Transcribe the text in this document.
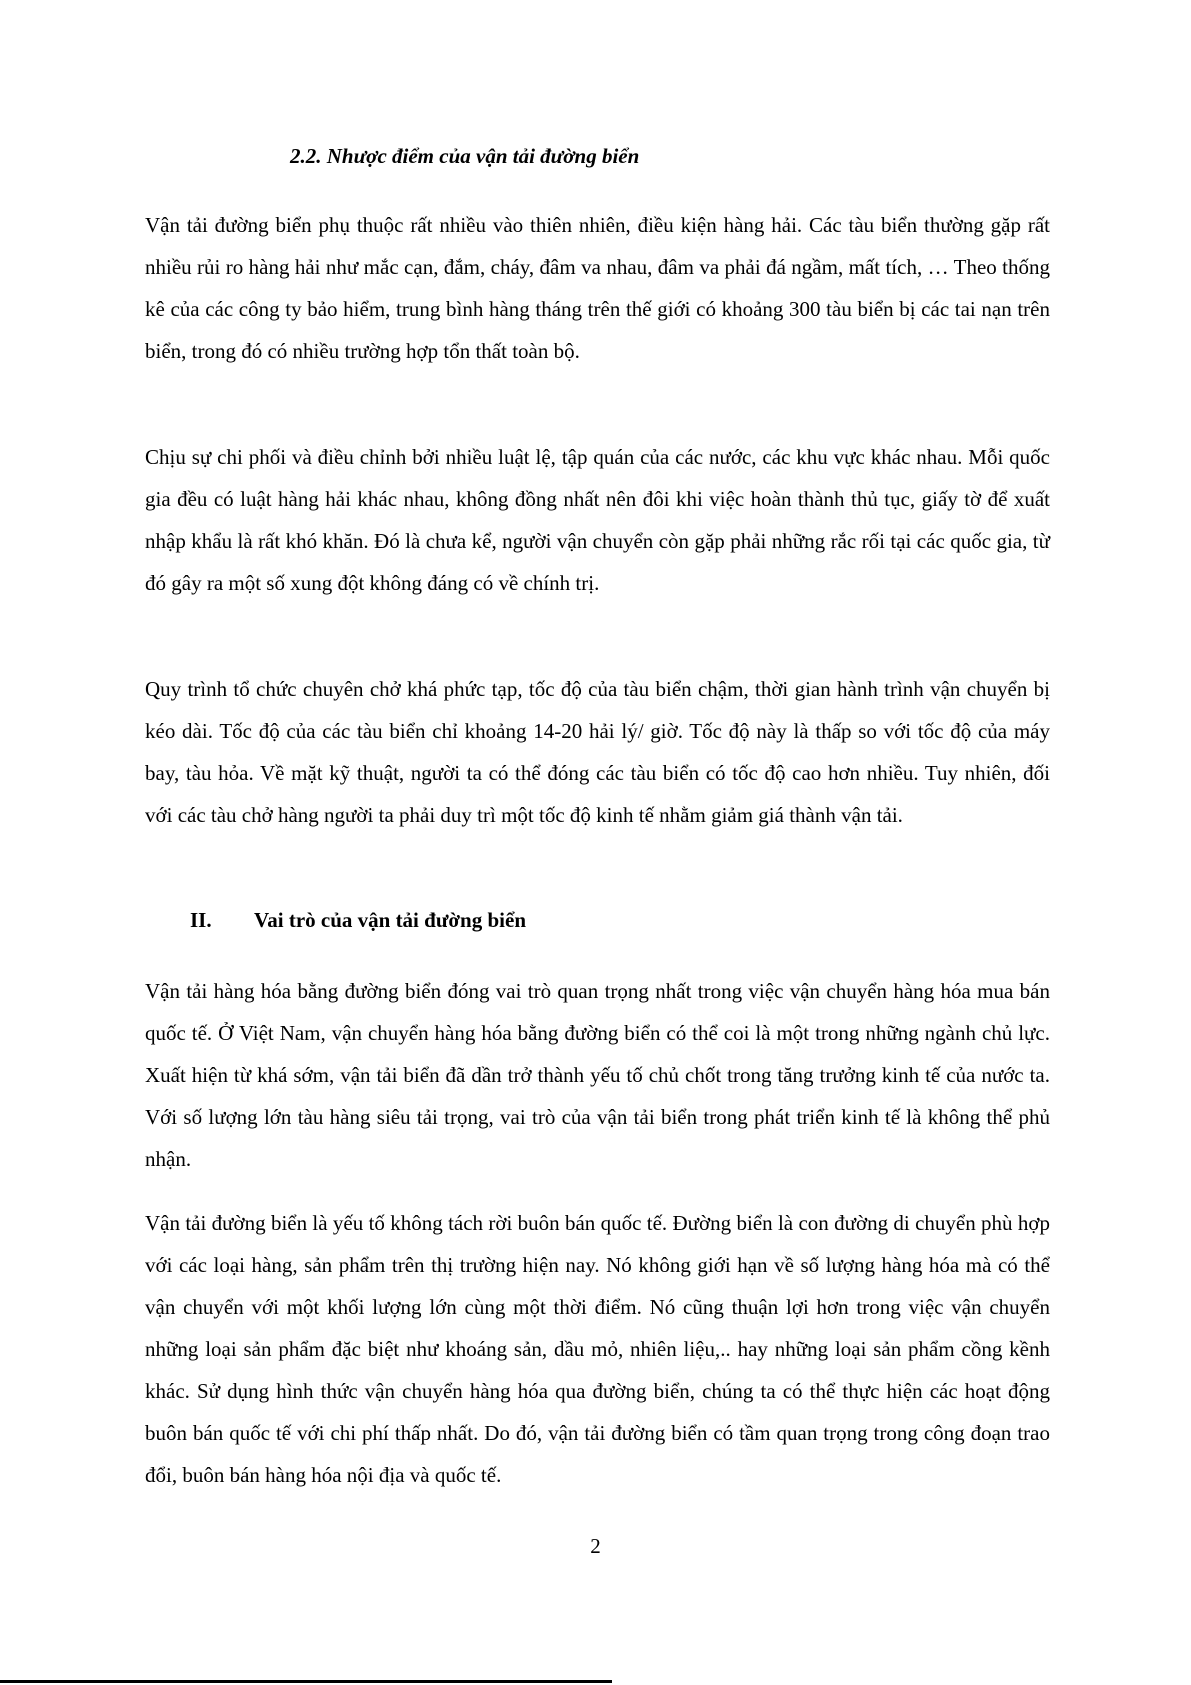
2.2. Nhược điểm của vận tải đường biển

Vận tải đường biển phụ thuộc rất nhiều vào thiên nhiên, điều kiện hàng hải. Các tàu biển thường gặp rất nhiều rủi ro hàng hải như mắc cạn, đắm, cháy, đâm va nhau, đâm va phải đá ngầm, mất tích, … Theo thống kê của các công ty bảo hiểm, trung bình hàng tháng trên thế giới có khoảng 300 tàu biển bị các tai nạn trên biển, trong đó có nhiều trường hợp tổn thất toàn bộ.

Chịu sự chi phối và điều chỉnh bởi nhiều luật lệ, tập quán của các nước, các khu vực khác nhau. Mỗi quốc gia đều có luật hàng hải khác nhau, không đồng nhất nên đôi khi việc hoàn thành thủ tục, giấy tờ để xuất nhập khẩu là rất khó khăn. Đó là chưa kể, người vận chuyển còn gặp phải những rắc rối tại các quốc gia, từ đó gây ra một số xung đột không đáng có về chính trị.

Quy trình tổ chức chuyên chở khá phức tạp, tốc độ của tàu biển chậm, thời gian hành trình vận chuyển bị kéo dài. Tốc độ của các tàu biển chỉ khoảng 14-20 hải lý/ giờ. Tốc độ này là thấp so với tốc độ của máy bay, tàu hỏa. Về mặt kỹ thuật, người ta có thể đóng các tàu biển có tốc độ cao hơn nhiều. Tuy nhiên, đối với các tàu chở hàng người ta phải duy trì một tốc độ kinh tế nhằm giảm giá thành vận tải.

II. Vai trò của vận tải đường biển

Vận tải hàng hóa bằng đường biển đóng vai trò quan trọng nhất trong việc vận chuyển hàng hóa mua bán quốc tế. Ở Việt Nam, vận chuyển hàng hóa bằng đường biển có thể coi là một trong những ngành chủ lực. Xuất hiện từ khá sớm, vận tải biển đã dần trở thành yếu tố chủ chốt trong tăng trưởng kinh tế của nước ta. Với số lượng lớn tàu hàng siêu tải trọng, vai trò của vận tải biển trong phát triển kinh tế là không thể phủ nhận.

Vận tải đường biển là yếu tố không tách rời buôn bán quốc tế. Đường biển là con đường di chuyển phù hợp với các loại hàng, sản phẩm trên thị trường hiện nay. Nó không giới hạn về số lượng hàng hóa mà có thể vận chuyển với một khối lượng lớn cùng một thời điểm. Nó cũng thuận lợi hơn trong việc vận chuyển những loại sản phẩm đặc biệt như khoáng sản, dầu mỏ, nhiên liệu,.. hay những loại sản phẩm cồng kềnh khác. Sử dụng hình thức vận chuyển hàng hóa qua đường biển, chúng ta có thể thực hiện các hoạt động buôn bán quốc tế với chi phí thấp nhất. Do đó, vận tải đường biển có tầm quan trọng trong công đoạn trao đổi, buôn bán hàng hóa nội địa và quốc tế.

2
